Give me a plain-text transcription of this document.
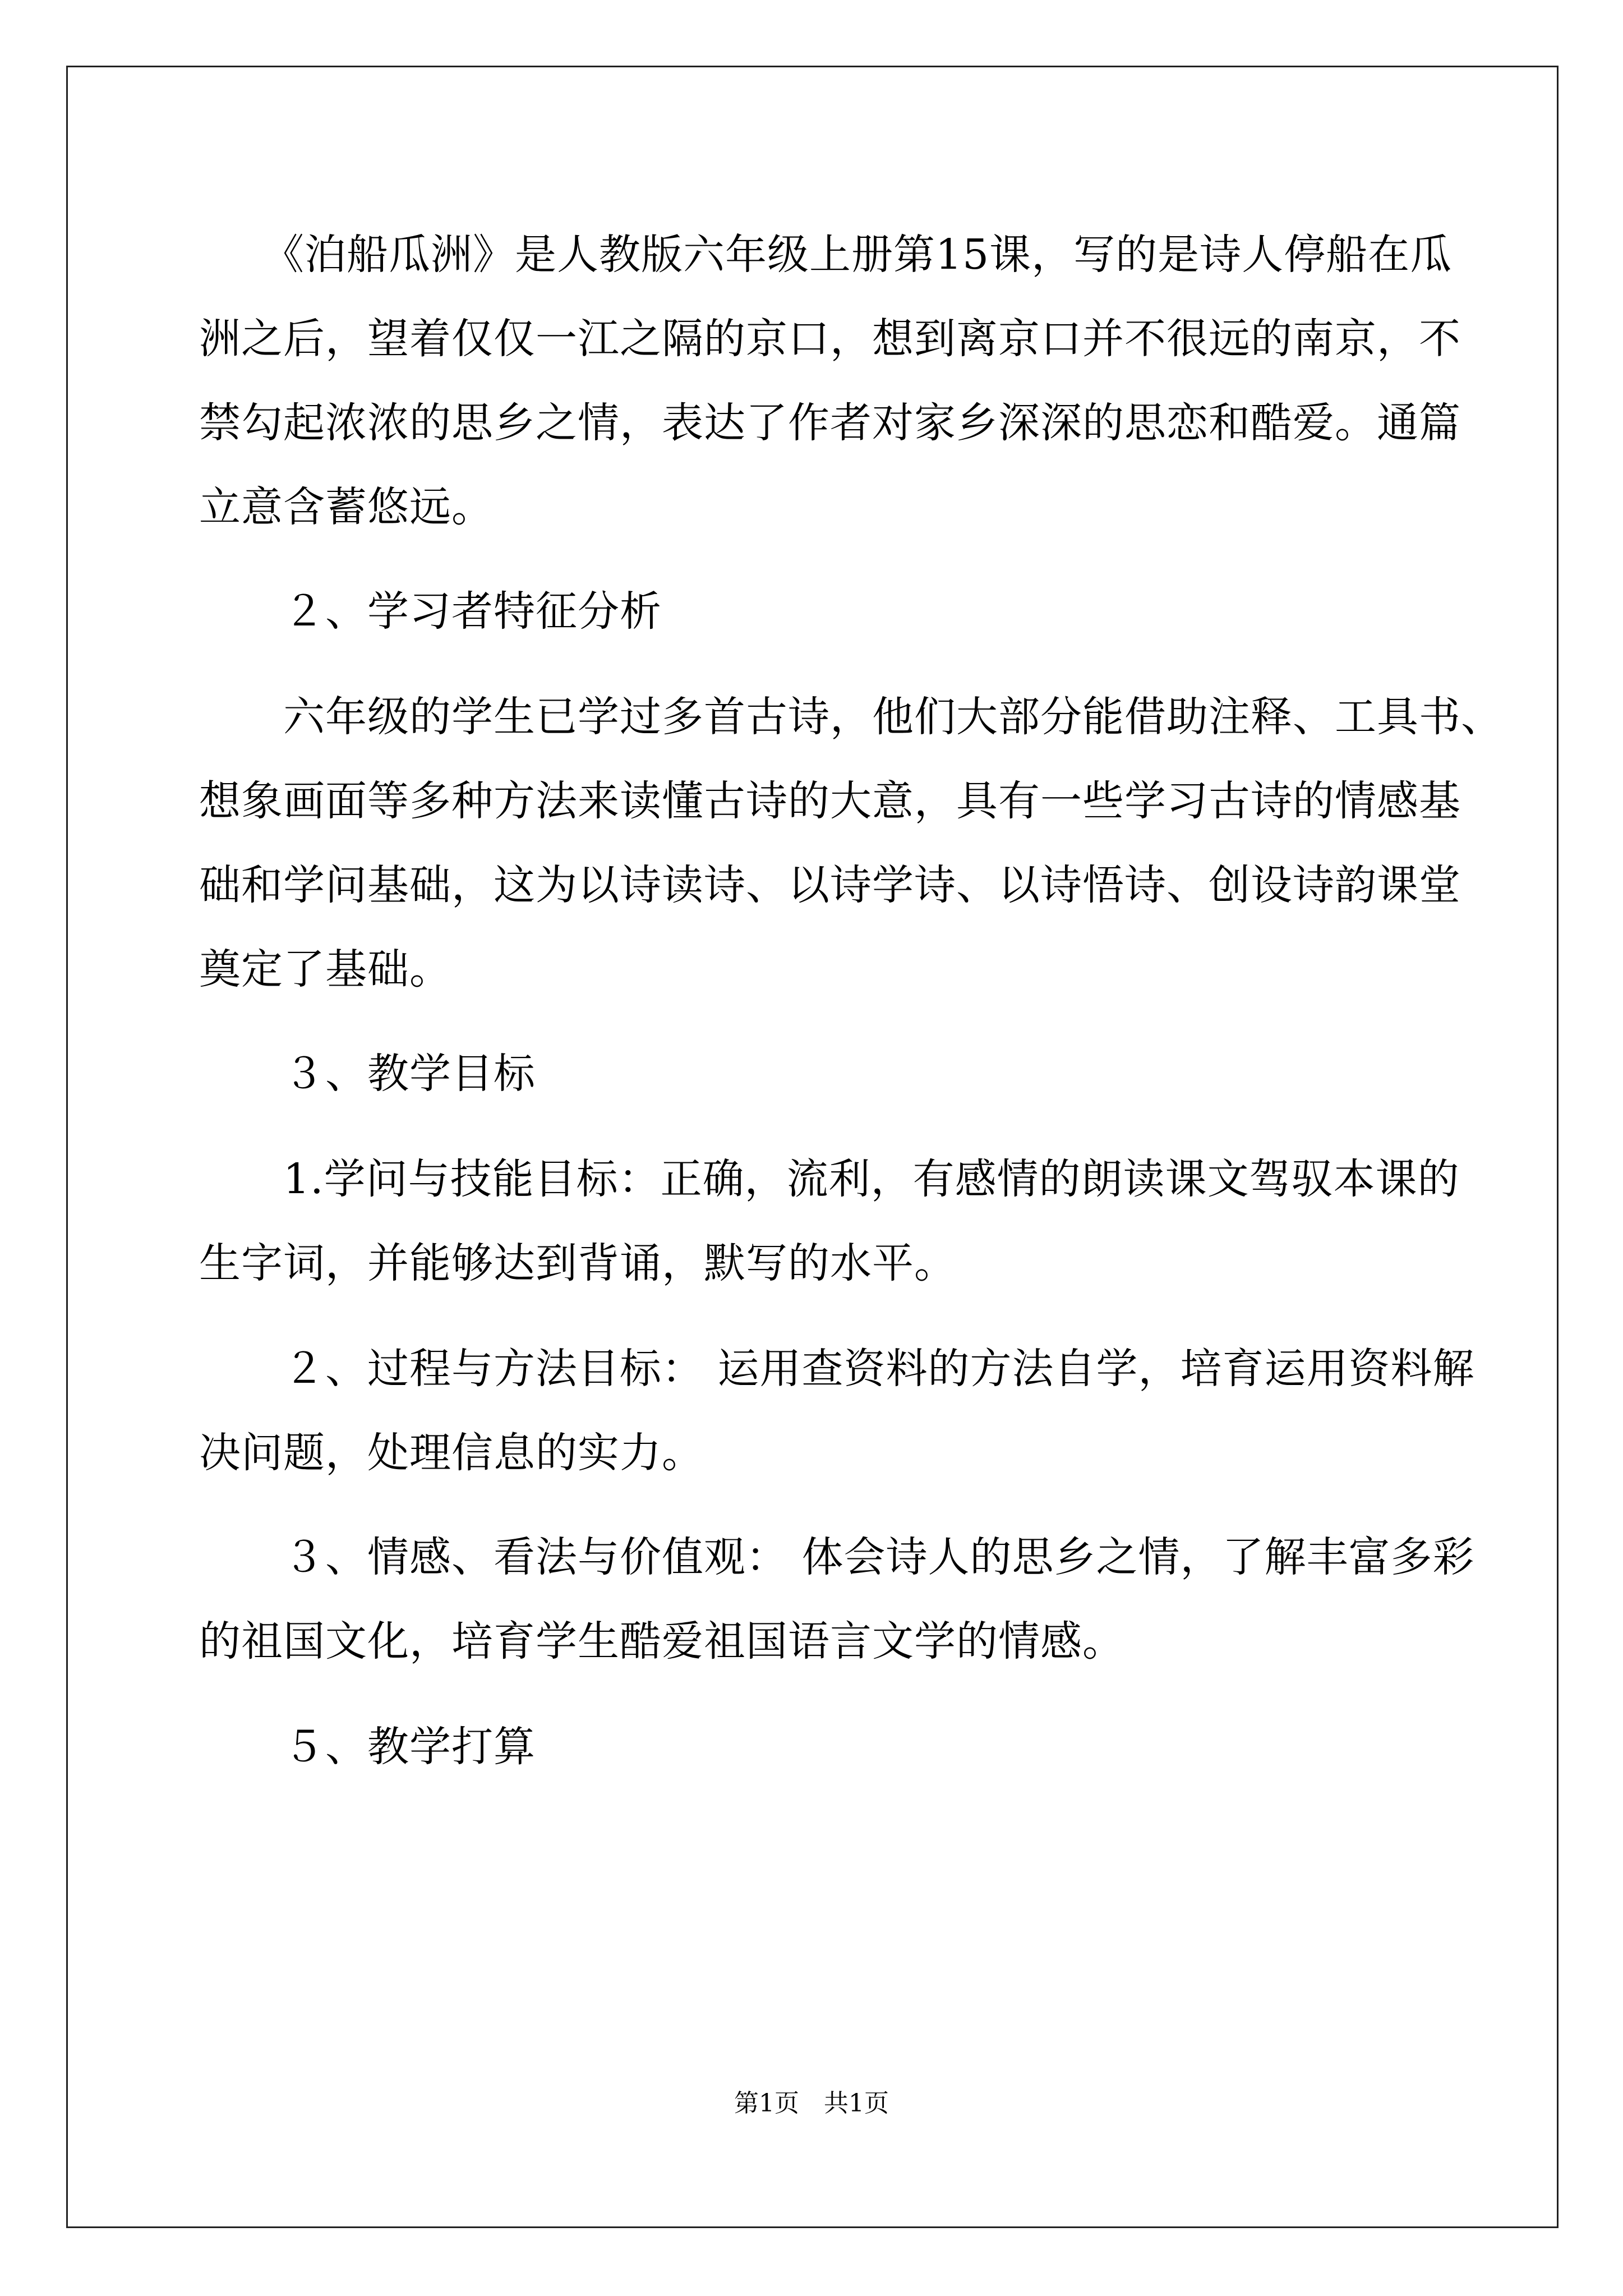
　　《泊船瓜洲》是人教版六年级上册第15课，写的是诗人停船在瓜
洲之后，望着仅仅一江之隔的京口，想到离京口并不很远的南京，不
禁勾起浓浓的思乡之情，表达了作者对家乡深深的思恋和酷爱。通篇
立意含蓄悠远。
　　２、学习者特征分析
　　六年级的学生已学过多首古诗，他们大部分能借助注释、工具书、
想象画面等多种方法来读懂古诗的大意，具有一些学习古诗的情感基
础和学问基础，这为以诗读诗、以诗学诗、以诗悟诗、创设诗韵课堂
奠定了基础。
　　３、教学目标
　　1.学问与技能目标：正确，流利，有感情的朗读课文驾驭本课的
生字词，并能够达到背诵，默写的水平。
　　２、过程与方法目标： 运用查资料的方法自学，培育运用资料解
决问题，处理信息的实力。
　　３、情感、看法与价值观： 体会诗人的思乡之情，了解丰富多彩
的祖国文化，培育学生酷爱祖国语言文学的情感。
　　５、教学打算
第1页　共1页
